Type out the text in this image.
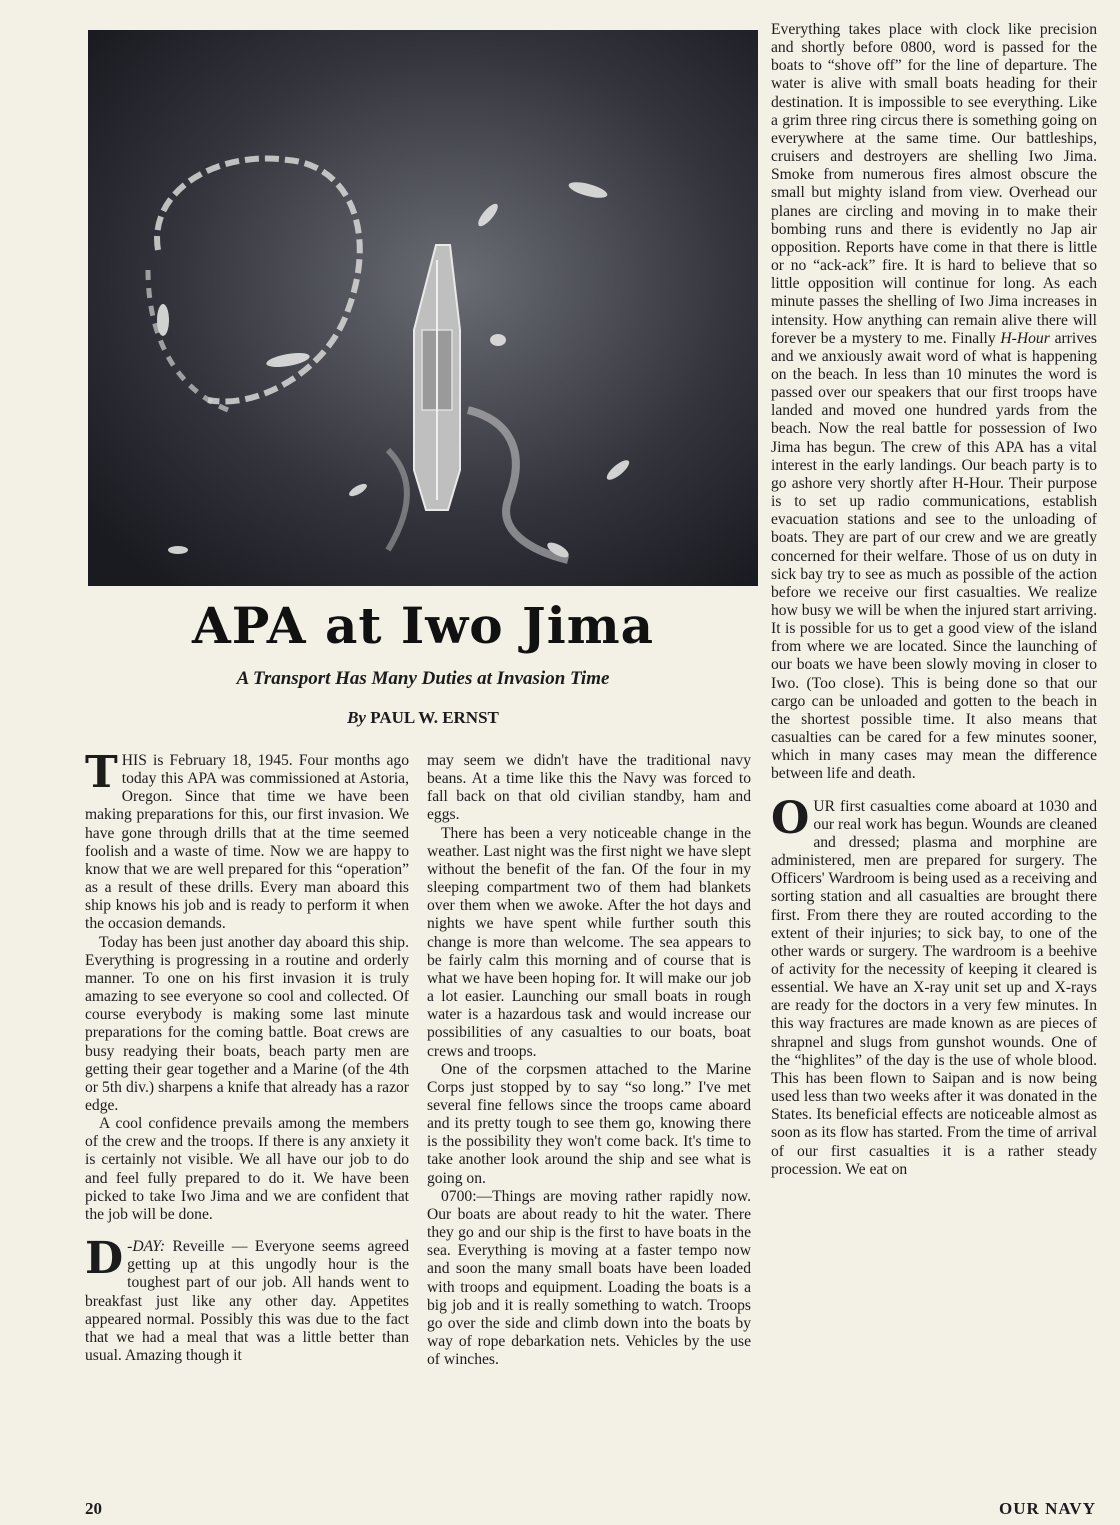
APA at Iwo Jima
A Transport Has Many Duties at Invasion Time
By PAUL W. ERNST

THIS is February 18, 1945. Four months ago today this APA was commissioned at Astoria, Oregon. Since that time we have been making preparations for this, our first invasion. We have gone through drills that at the time seemed foolish and a waste of time. Now we are happy to know that we are well prepared for this “operation” as a result of these drills. Every man aboard this ship knows his job and is ready to perform it when the occasion demands.

Today has been just another day aboard this ship. Everything is progressing in a routine and orderly manner. To one on his first invasion it is truly amazing to see everyone so cool and collected. Of course everybody is making some last minute preparations for the coming battle. Boat crews are busy readying their boats, beach party men are getting their gear together and a Marine (of the 4th or 5th div.) sharpens a knife that already has a razor edge.

A cool confidence prevails among the members of the crew and the troops. If there is any anxiety it is certainly not visible. We all have our job to do and feel fully prepared to do it. We have been picked to take Iwo Jima and we are confident that the job will be done.

D -DAY: Reveille — Everyone seems agreed getting up at this ungodly hour is the toughest part of our job. All hands went to breakfast just like any other day. Appetites appeared normal. Possibly this was due to the fact that we had a meal that was a little better than usual. Amazing though it

may seem we didn't have the traditional navy beans. At a time like this the Navy was forced to fall back on that old civilian standby, ham and eggs.

There has been a very noticeable change in the weather. Last night was the first night we have slept without the benefit of the fan. Of the four in my sleeping compartment two of them had blankets over them when we awoke. After the hot days and nights we have spent while further south this change is more than welcome. The sea appears to be fairly calm this morning and of course that is what we have been hoping for. It will make our job a lot easier. Launching our small boats in rough water is a hazardous task and would increase our possibilities of any casualties to our boats, boat crews and troops.

One of the corpsmen attached to the Marine Corps just stopped by to say “so long.” I've met several fine fellows since the troops came aboard and its pretty tough to see them go, knowing there is the possibility they won't come back. It's time to take another look around the ship and see what is going on.

0700:—Things are moving rather rapidly now. Our boats are about ready to hit the water. There they go and our ship is the first to have boats in the sea. Everything is moving at a faster tempo now and soon the many small boats have been loaded with troops and equipment. Loading the boats is a big job and it is really something to watch. Troops go over the side and climb down into the boats by way of rope debarkation nets. Vehicles by the use of winches.

Everything takes place with clock like precision and shortly before 0800, word is passed for the boats to “shove off” for the line of departure. The water is alive with small boats heading for their destination. It is impossible to see everything. Like a grim three ring circus there is something going on everywhere at the same time. Our battleships, cruisers and destroyers are shelling Iwo Jima. Smoke from numerous fires almost obscure the small but mighty island from view. Overhead our planes are circling and moving in to make their bombing runs and there is evidently no Jap air opposition. Reports have come in that there is little or no “ack-ack” fire. It is hard to believe that so little opposition will continue for long. As each minute passes the shelling of Iwo Jima increases in intensity. How anything can remain alive there will forever be a mystery to me. Finally H-Hour arrives and we anxiously await word of what is happening on the beach. In less than 10 minutes the word is passed over our speakers that our first troops have landed and moved one hundred yards from the beach. Now the real battle for possession of Iwo Jima has begun. The crew of this APA has a vital interest in the early landings. Our beach party is to go ashore very shortly after H-Hour. Their purpose is to set up radio communications, establish evacuation stations and see to the unloading of boats. They are part of our crew and we are greatly concerned for their welfare. Those of us on duty in sick bay try to see as much as possible of the action before we receive our first casualties. We realize how busy we will be when the injured start arriving. It is possible for us to get a good view of the island from where we are located. Since the launching of our boats we have been slowly moving in closer to Iwo. (Too close). This is being done so that our cargo can be unloaded and gotten to the beach in the shortest possible time. It also means that casualties can be cared for a few minutes sooner, which in many cases may mean the difference between life and death.

OUR first casualties come aboard at 1030 and our real work has begun. Wounds are cleaned and dressed; plasma and morphine are administered, men are prepared for surgery. The Officers' Wardroom is being used as a receiving and sorting station and all casualties are brought there first. From there they are routed according to the extent of their injuries; to sick bay, to one of the other wards or surgery. The wardroom is a beehive of activity for the necessity of keeping it cleared is essential. We have an X-ray unit set up and X-rays are ready for the doctors in a very few minutes. In this way fractures are made known as are pieces of shrapnel and slugs from gunshot wounds. One of the “highlites” of the day is the use of whole blood. This has been flown to Saipan and is now being used less than two weeks after it was donated in the States. Its beneficial effects are noticeable almost as soon as its flow has started. From the time of arrival of our first casualties it is a rather steady procession. We eat on

20	OUR NAVY
